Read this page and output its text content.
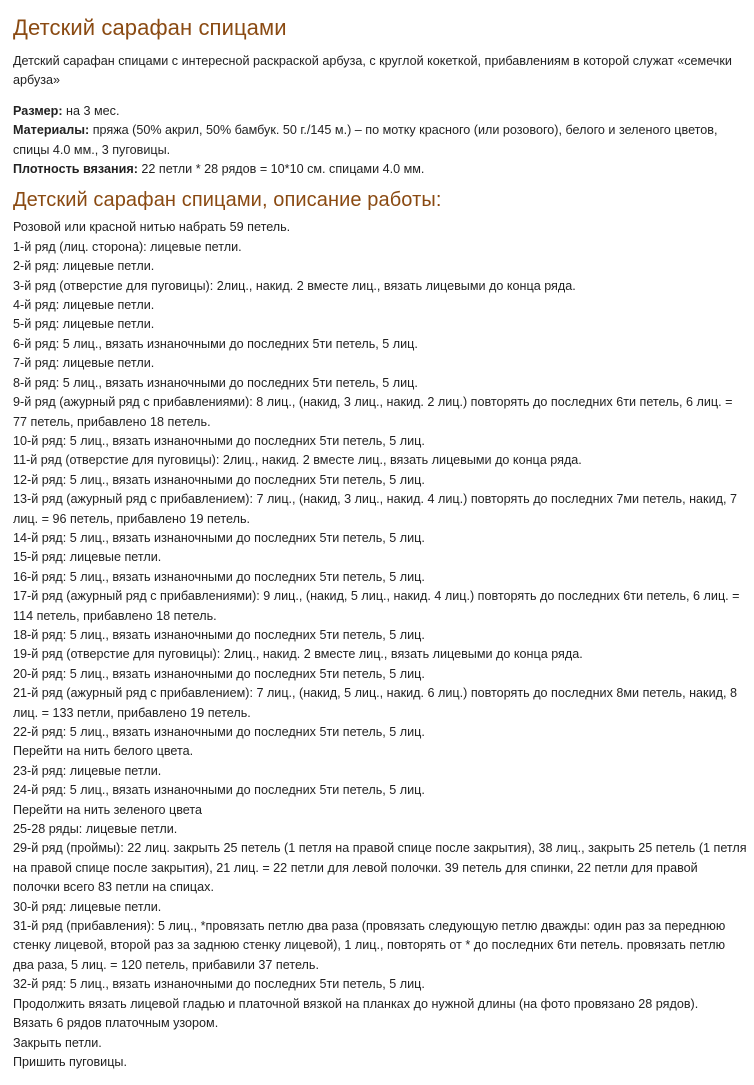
Детский сарафан спицами
Детский сарафан спицами с интересной раскраской арбуза, с круглой кокеткой, прибавлениям в которой служат «семечки арбуза»
Размер: на 3 мес.
Материалы: пряжа (50% акрил, 50% бамбук. 50 г./145 м.) – по мотку красного (или розового), белого и зеленого цветов, спицы 4.0 мм., 3 пуговицы.
Плотность вязания: 22 петли * 28 рядов = 10*10 см. спицами 4.0 мм.
Детский сарафан спицами, описание работы:

Розовой или красной нитью набрать 59 петель.

1-й ряд (лиц. сторона): лицевые петли.

2-й ряд: лицевые петли.

3-й ряд (отверстие для пуговицы): 2лиц., накид. 2 вместе лиц., вязать лицевыми до конца ряда.

4-й ряд: лицевые петли.

5-й ряд: лицевые петли.

6-й ряд: 5 лиц., вязать изнаночными до последних 5ти петель, 5 лиц.

7-й ряд: лицевые петли.

8-й ряд: 5 лиц., вязать изнаночными до последних 5ти петель, 5 лиц.

9-й ряд (ажурный ряд с прибавлениями): 8 лиц., (накид, 3 лиц., накид. 2 лиц.) повторять до последних 6ти петель, 6 лиц. = 77 петель, прибавлено 18 петель.

10-й ряд: 5 лиц., вязать изнаночными до последних 5ти петель, 5 лиц.

11-й ряд (отверстие для пуговицы): 2лиц., накид. 2 вместе лиц., вязать лицевыми до конца ряда.

12-й ряд: 5 лиц., вязать изнаночными до последних 5ти петель, 5 лиц.

13-й ряд (ажурный ряд с прибавлением): 7 лиц., (накид, 3 лиц., накид. 4 лиц.) повторять до последних 7ми петель, накид, 7 лиц. = 96 петель, прибавлено 19 петель.

14-й ряд: 5 лиц., вязать изнаночными до последних 5ти петель, 5 лиц.

15-й ряд: лицевые петли.

16-й ряд: 5 лиц., вязать изнаночными до последних 5ти петель, 5 лиц.

17-й ряд (ажурный ряд с прибавлениями): 9 лиц., (накид, 5 лиц., накид. 4 лиц.) повторять до последних 6ти петель, 6 лиц. = 114 петель, прибавлено 18 петель.

18-й ряд: 5 лиц., вязать изнаночными до последних 5ти петель, 5 лиц.

19-й ряд (отверстие для пуговицы): 2лиц., накид. 2 вместе лиц., вязать лицевыми до конца ряда.

20-й ряд: 5 лиц., вязать изнаночными до последних 5ти петель, 5 лиц.

21-й ряд (ажурный ряд с прибавлением): 7 лиц., (накид, 5 лиц., накид. 6 лиц.) повторять до последних 8ми петель, накид, 8 лиц. = 133 петли, прибавлено 19 петель.

22-й ряд: 5 лиц., вязать изнаночными до последних 5ти петель, 5 лиц.

Перейти на нить белого цвета.

23-й ряд: лицевые петли.

24-й ряд: 5 лиц., вязать изнаночными до последних 5ти петель, 5 лиц.

Перейти на нить зеленого цвета

25-28 ряды: лицевые петли.

29-й ряд (проймы): 22 лиц. закрыть 25 петель (1 петля на правой спице после закрытия), 38 лиц., закрыть 25 петель (1 петля на правой спице после закрытия), 21 лиц. = 22 петли для левой полочки. 39 петель для спинки, 22 петли для правой полочки всего 83 петли на спицах.

30-й ряд: лицевые петли.

31-й ряд (прибавления): 5 лиц., *провязать петлю два раза (провязать следующую петлю дважды: один раз за переднюю стенку лицевой, второй раз за заднюю стенку лицевой), 1 лиц., повторять от * до последних 6ти петель. провязать петлю два раза, 5 лиц. = 120 петель, прибавили 37 петель.

32-й ряд: 5 лиц., вязать изнаночными до последних 5ти петель, 5 лиц.

Продолжить вязать лицевой гладью и платочной вязкой на планках до нужной длины (на фото провязано 28 рядов).

Вязать 6 рядов платочным узором.

Закрыть петли.

Пришить пуговицы.
